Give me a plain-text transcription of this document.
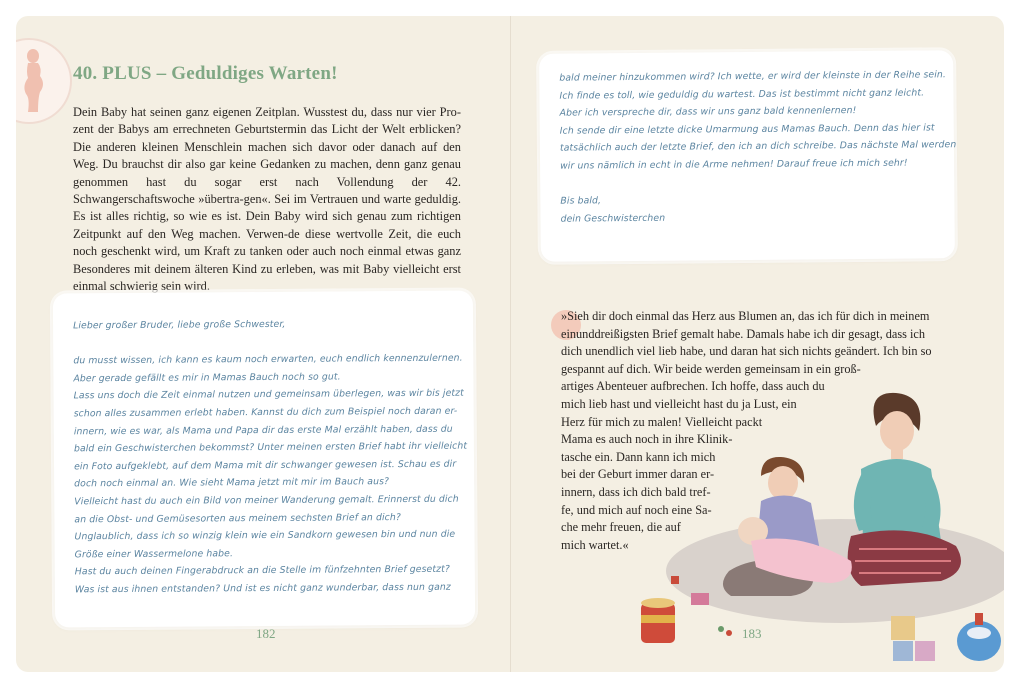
40. PLUS – Geduldiges Warten!
Dein Baby hat seinen ganz eigenen Zeitplan. Wusstest du, dass nur vier Pro-zent der Babys am errechneten Geburtstermin das Licht der Welt erblicken? Die anderen kleinen Menschlein machen sich davor oder danach auf den Weg. Du brauchst dir also gar keine Gedanken zu machen, denn ganz genau genommen hast du sogar erst nach Vollendung der 42. Schwangerschaftswoche »übertra-gen«. Sei im Vertrauen und warte geduldig. Es ist alles richtig, so wie es ist. Dein Baby wird sich genau zum richtigen Zeitpunkt auf den Weg machen. Verwen-de diese wertvolle Zeit, die euch noch geschenkt wird, um Kraft zu tanken oder auch noch einmal etwas ganz Besonderes mit deinem älteren Kind zu erleben, was mit Baby vielleicht erst einmal schwierig sein wird.
Lieber großer Bruder, liebe große Schwester,
du musst wissen, ich kann es kaum noch erwarten, euch endlich kennenzulernen.
Aber gerade gefällt es mir in Mamas Bauch noch so gut.
Lass uns doch die Zeit einmal nutzen und gemeinsam überlegen, was wir bis jetzt
schon alles zusammen erlebt haben. Kannst du dich zum Beispiel noch daran er-
innern, wie es war, als Mama und Papa dir das erste Mal erzählt haben, dass du
bald ein Geschwisterchen bekommst? Unter meinen ersten Brief habt ihr vielleicht
ein Foto aufgeklebt, auf dem Mama mit dir schwanger gewesen ist. Schau es dir
doch noch einmal an. Wie sieht Mama jetzt mit mir im Bauch aus?
Vielleicht hast du auch ein Bild von meiner Wanderung gemalt. Erinnerst du dich
an die Obst- und Gemüsesorten aus meinem sechsten Brief an dich?
Unglaublich, dass ich so winzig klein wie ein Sandkorn gewesen bin und nun die
Größe einer Wassermelone habe.
Hast du auch deinen Fingerabdruck an die Stelle im fünfzehnten Brief gesetzt?
Was ist aus ihnen entstanden? Und ist es nicht ganz wunderbar, dass nun ganz
182
bald meiner hinzukommen wird? Ich wette, er wird der kleinste in der Reihe sein.
Ich finde es toll, wie geduldig du wartest. Das ist bestimmt nicht ganz leicht.
Aber ich verspreche dir, dass wir uns ganz bald kennenlernen!
Ich sende dir eine letzte dicke Umarmung aus Mamas Bauch. Denn das hier ist
tatsächlich auch der letzte Brief, den ich an dich schreibe. Das nächste Mal werden
wir uns nämlich in echt in die Arme nehmen! Darauf freue ich mich sehr!
Bis bald,
dein Geschwisterchen
»Sieh dir doch einmal das Herz aus Blumen an, das ich für dich in meinem
einunddreißigsten Brief gemalt habe. Damals habe ich dir gesagt, dass ich
dich unendlich viel lieb habe, und daran hat sich nichts geändert. Ich bin so
gespannt auf dich. Wir beide werden gemeinsam in ein groß-
artiges Abenteuer aufbrechen. Ich hoffe, dass auch du
mich lieb hast und vielleicht hast du ja Lust, ein
Herz für mich zu malen! Vielleicht packt
Mama es auch noch in ihre Klinik-
tasche ein. Dann kann ich mich
bei der Geburt immer daran er-
innern, dass ich dich bald tref-
fe, und mich auf noch eine Sa-
che mehr freuen, die auf
mich wartet.«
183
